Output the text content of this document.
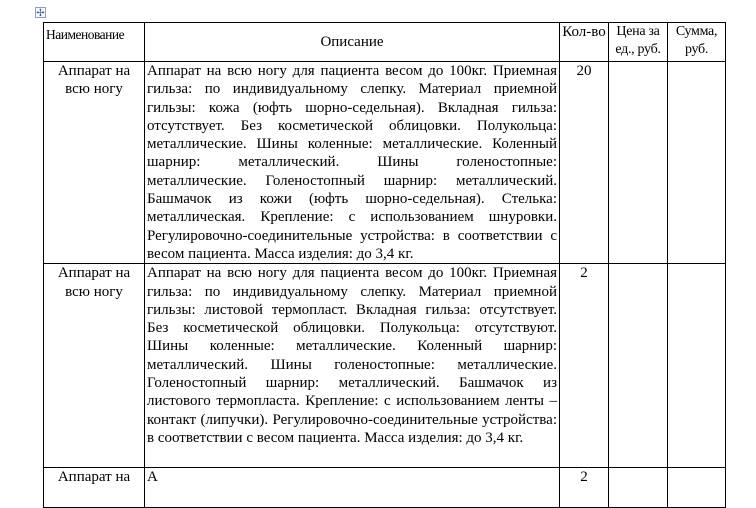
✢
Наименование	Описание	Кол-во	Цена за ед., руб.	Сумма, руб.
Аппарат на всю ногу	Аппарат на всю ногу для пациента весом до 100кг. Приемная гильза: по индивидуальному слепку. Материал приемной гильзы: кожа (юфть шорно-седельная). Вкладная гильза: отсутствует. Без косметической облицовки. Полукольца: металлические. Шины коленные: металлические. Коленный шарнир: металлический. Шины голеностопные: металлические. Голеностопный шарнир: металлический. Башмачок из кожи (юфть шорно-седельная). Стелька: металлическая. Крепление: с использованием шнуровки. Регулировочно-соединительные устройства: в соответствии с весом пациента. Масса изделия: до 3,4 кг.	20		
Аппарат на всю ногу	Аппарат на всю ногу для пациента весом до 100кг. Приемная гильза: по индивидуальному слепку. Материал приемной гильзы: листовой термопласт. Вкладная гильза: отсутствует. Без косметической облицовки. Полукольца: отсутствуют. Шины коленные: металлические. Коленный шарнир: металлический. Шины голеностопные: металлические. Голеностопный шарнир: металлический. Башмачок из листового термопласта. Крепление: с использованием ленты – контакт (липучки). Регулировочно-соединительные устройства: в соответствии с весом пациента. Масса изделия: до 3,4 кг.	2		
Аппарат на	А	2		
